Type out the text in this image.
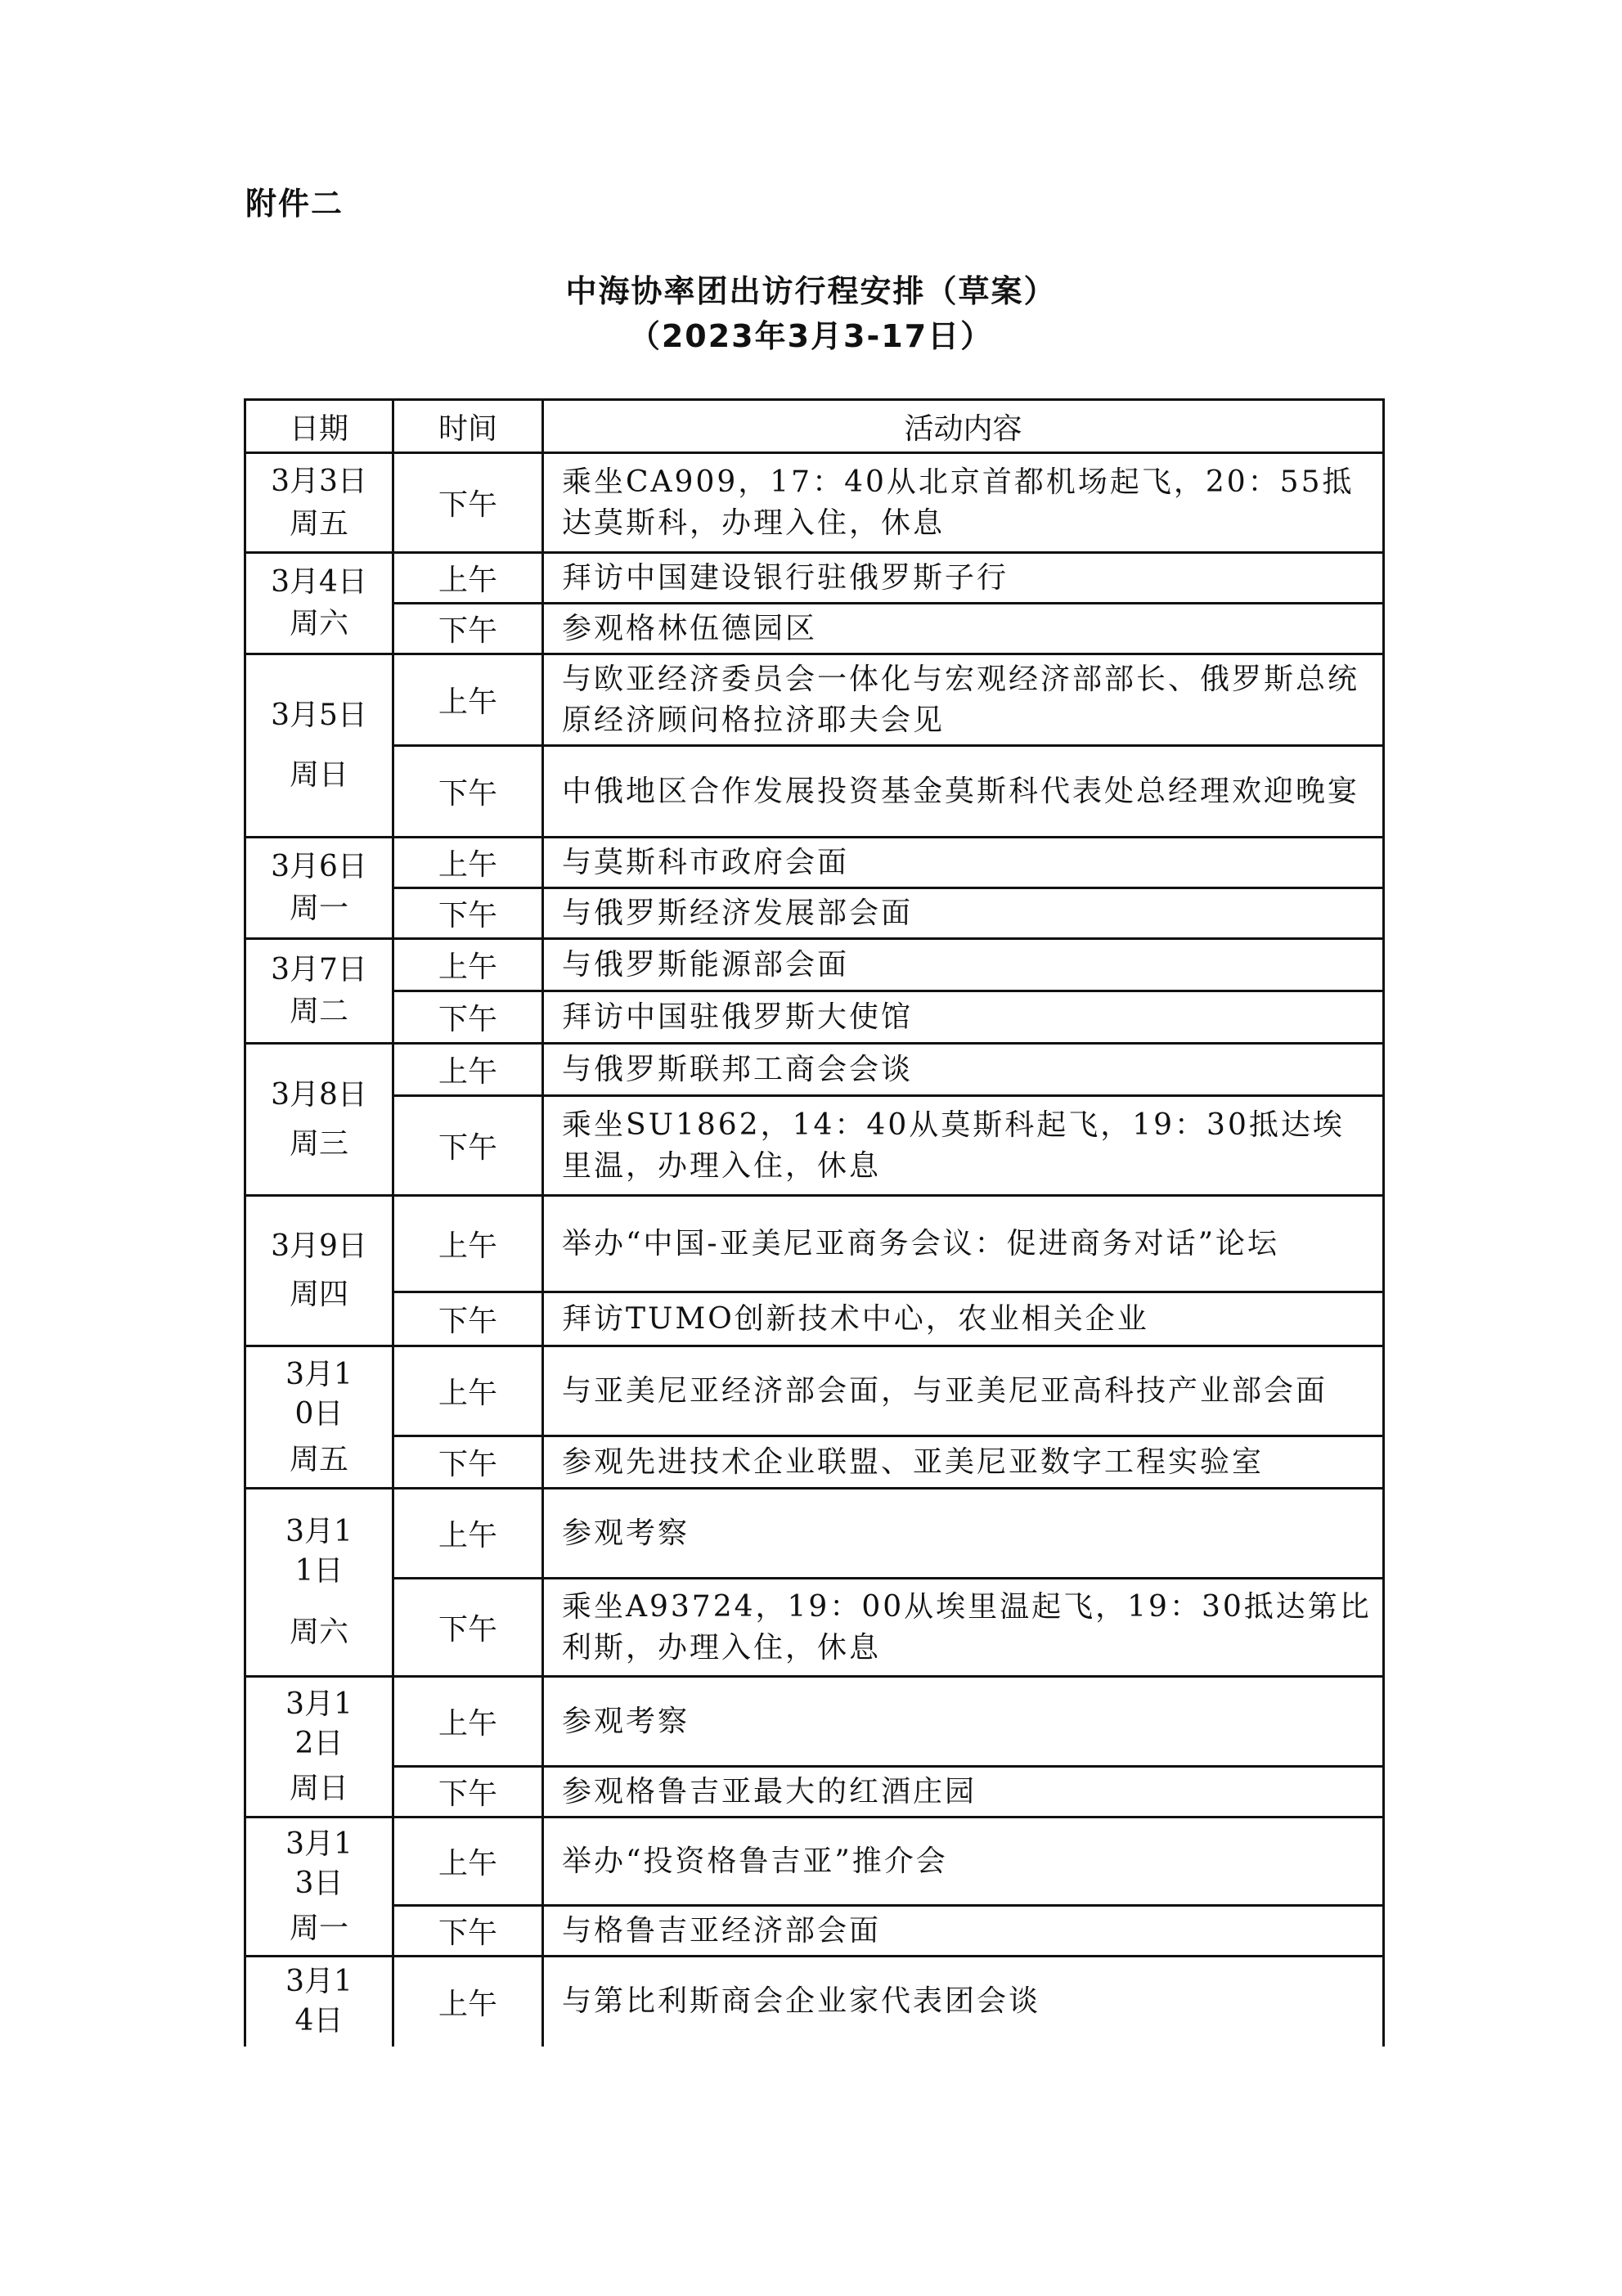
附件二
中海协率团出访行程安排（草案）
（2023年3月3-17日）
日期	时间	活动内容

3月3日
周五	下午	乘坐CA909，17：40从北京首都机场起飞，20：55抵达莫斯科，办理入住，休息

3月4日
周六	上午	拜访中国建设银行驻俄罗斯子行
	下午	参观格林伍德园区

3月5日
周日	上午	与欧亚经济委员会一体化与宏观经济部部长、俄罗斯总统原经济顾问格拉济耶夫会见
	下午	中俄地区合作发展投资基金莫斯科代表处总经理欢迎晚宴

3月6日
周一	上午	与莫斯科市政府会面
	下午	与俄罗斯经济发展部会面

3月7日
周二	上午	与俄罗斯能源部会面
	下午	拜访中国驻俄罗斯大使馆

3月8日
周三	上午	与俄罗斯联邦工商会会谈
	下午	乘坐SU1862，14：40从莫斯科起飞，19：30抵达埃里温，办理入住，休息

3月9日
周四	上午	举办“中国-亚美尼亚商务会议：促进商务对话”论坛
	下午	拜访TUMO创新技术中心，农业相关企业

3月10日
周五	上午	与亚美尼亚经济部会面，与亚美尼亚高科技产业部会面
	下午	参观先进技术企业联盟、亚美尼亚数字工程实验室

3月11日
周六	上午	参观考察
	下午	乘坐A93724，19：00从埃里温起飞，19：30抵达第比利斯，办理入住，休息

3月12日
周日	上午	参观考察
	下午	参观格鲁吉亚最大的红酒庄园

3月13日
周一	上午	举办“投资格鲁吉亚”推介会
	下午	与格鲁吉亚经济部会面

3月14日	上午	与第比利斯商会企业家代表团会谈
